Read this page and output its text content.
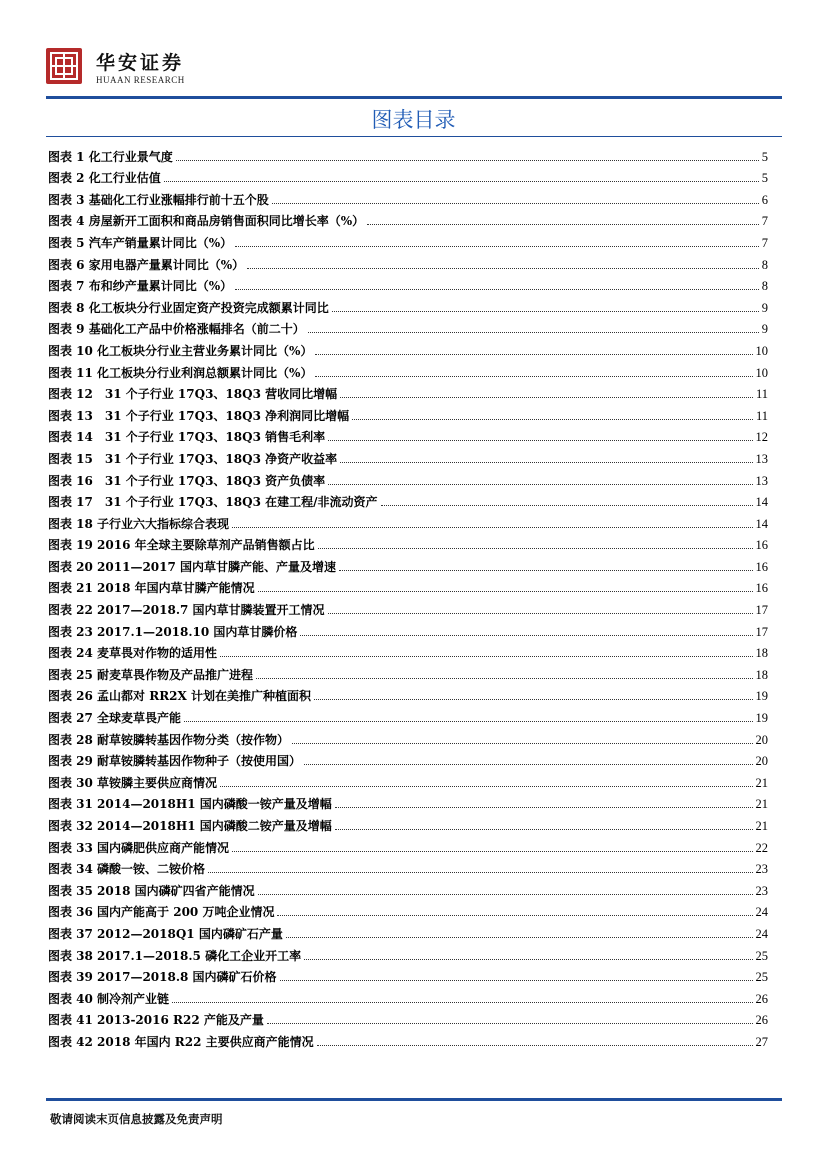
华安证券
HUAAN RESEARCH
图表目录
图表 1 化工行业景气度	5
图表 2 化工行业估值	5
图表 3 基础化工行业涨幅排行前十五个股	6
图表 4 房屋新开工面积和商品房销售面积同比增长率（%）	7
图表 5 汽车产销量累计同比（%）	7
图表 6 家用电器产量累计同比（%）	8
图表 7 布和纱产量累计同比（%）	8
图表 8 化工板块分行业固定资产投资完成额累计同比	9
图表 9 基础化工产品中价格涨幅排名（前二十）	9
图表 10 化工板块分行业主营业务累计同比（%）	10
图表 11 化工板块分行业利润总额累计同比（%）	10
图表 12　31 个子行业 17Q3、18Q3 营收同比增幅	11
图表 13　31 个子行业 17Q3、18Q3 净利润同比增幅	11
图表 14　31 个子行业 17Q3、18Q3 销售毛利率	12
图表 15　31 个子行业 17Q3、18Q3 净资产收益率	13
图表 16　31 个子行业 17Q3、18Q3 资产负债率	13
图表 17　31 个子行业 17Q3、18Q3 在建工程/非流动资产	14
图表 18 子行业六大指标综合表现	14
图表 19 2016 年全球主要除草剂产品销售额占比	16
图表 20 2011—2017 国内草甘膦产能、产量及增速	16
图表 21 2018 年国内草甘膦产能情况	16
图表 22 2017—2018.7 国内草甘膦装置开工情况	17
图表 23 2017.1—2018.10 国内草甘膦价格	17
图表 24 麦草畏对作物的适用性	18
图表 25 耐麦草畏作物及产品推广进程	18
图表 26 孟山都对 RR2X 计划在美推广种植面积	19
图表 27 全球麦草畏产能	19
图表 28 耐草铵膦转基因作物分类（按作物）	20
图表 29 耐草铵膦转基因作物种子（按使用国）	20
图表 30 草铵膦主要供应商情况	21
图表 31 2014—2018H1 国内磷酸一铵产量及增幅	21
图表 32 2014—2018H1 国内磷酸二铵产量及增幅	21
图表 33 国内磷肥供应商产能情况	22
图表 34 磷酸一铵、二铵价格	23
图表 35 2018 国内磷矿四省产能情况	23
图表 36 国内产能高于 200 万吨企业情况	24
图表 37 2012—2018Q1 国内磷矿石产量	24
图表 38 2017.1—2018.5 磷化工企业开工率	25
图表 39 2017—2018.8 国内磷矿石价格	25
图表 40 制冷剂产业链	26
图表 41 2013-2016 R22 产能及产量	26
图表 42 2018 年国内 R22 主要供应商产能情况	27
敬请阅读末页信息披露及免责声明
